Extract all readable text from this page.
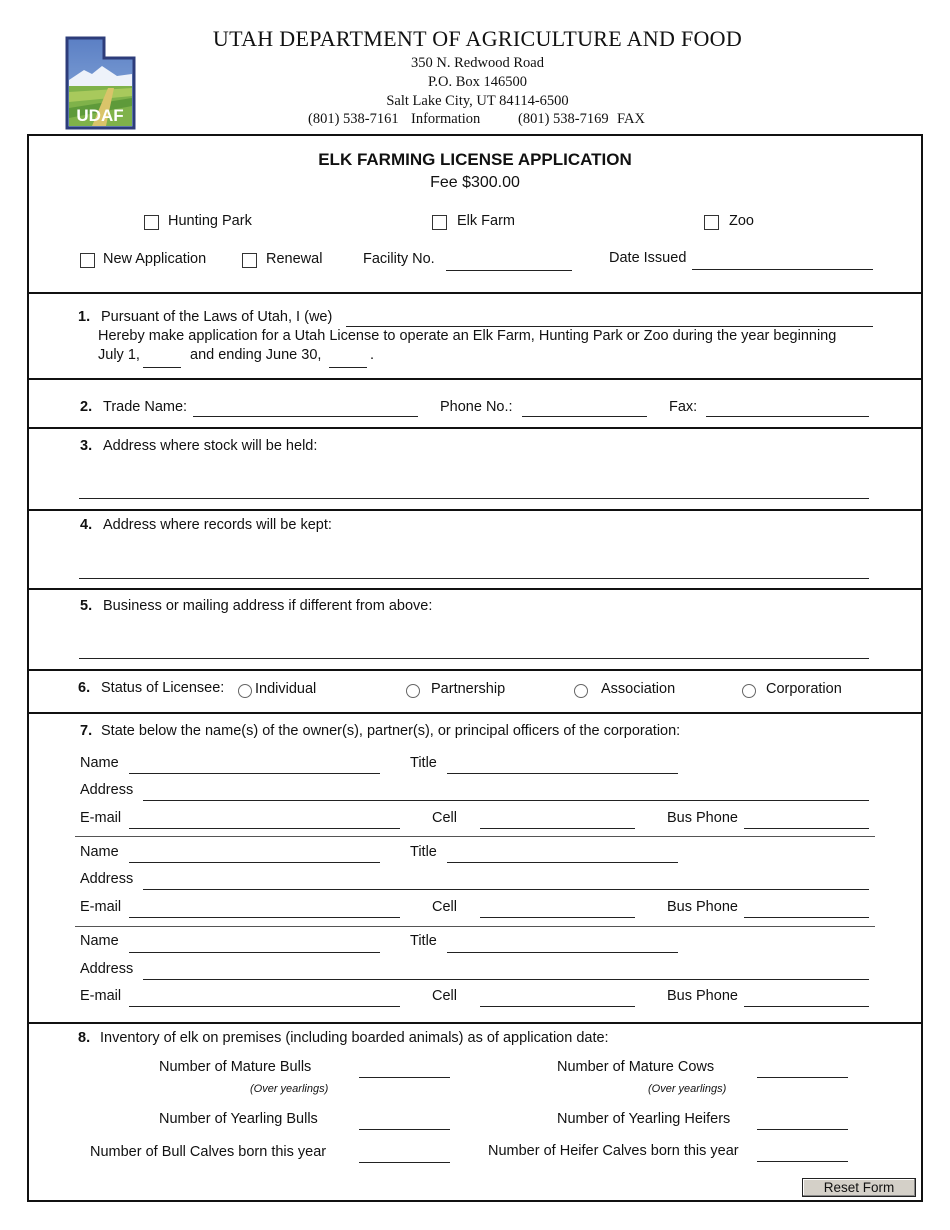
UDAF
UTAH DEPARTMENT OF AGRICULTURE AND FOOD
350 N. Redwood Road
P.O. Box 146500
Salt Lake City, UT 84114-6500
(801) 538-7161 Information	(801) 538-7169 FAX
ELK FARMING LICENSE APPLICATION
Fee $300.00
Hunting Park	Elk Farm	Zoo
New Application	Renewal	Facility No.	Date Issued
1. Pursuant of the Laws of Utah, I (we)
Hereby make application for a Utah License to operate an Elk Farm, Hunting Park or Zoo during the year beginning
July 1,	and ending June 30,	.
2. Trade Name:	Phone No.:	Fax:
3. Address where stock will be held:
4. Address where records will be kept:
5. Business or mailing address if different from above:
6. Status of Licensee: Individual	Partnership	Association	Corporation
7. State below the name(s) of the owner(s), partner(s), or principal officers of the corporation:
Name	Title
Address
E-mail	Cell	Bus Phone
Name	Title
Address
E-mail	Cell	Bus Phone
Name	Title
Address
E-mail	Cell	Bus Phone
8. Inventory of elk on premises (including boarded animals) as of application date:
Number of Mature Bulls
(Over yearlings)
Number of Mature Cows
(Over yearlings)
Number of Yearling Bulls	Number of Yearling Heifers
Number of Bull Calves born this year	Number of Heifer Calves born this year
Reset Form
